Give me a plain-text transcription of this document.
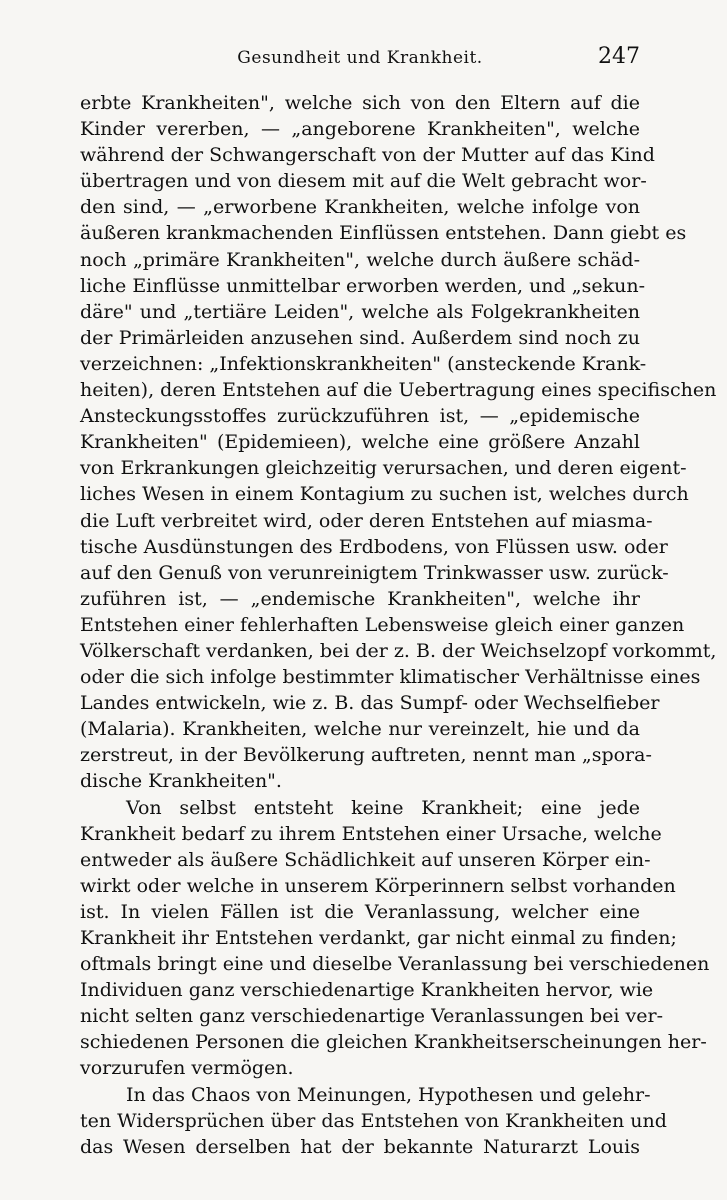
Gesundheit und Krankheit.	247
erbte Krankheiten", welche sich von den Eltern auf die
Kinder vererben, — „angeborene Krankheiten", welche
während der Schwangerschaft von der Mutter auf das Kind
übertragen und von diesem mit auf die Welt gebracht wor-
den sind, — „erworbene Krankheiten, welche infolge von
äußeren krankmachenden Einflüssen entstehen. Dann giebt es
noch „primäre Krankheiten", welche durch äußere schäd-
liche Einflüsse unmittelbar erworben werden, und „sekun-
däre" und „tertiäre Leiden", welche als Folgekrankheiten
der Primärleiden anzusehen sind. Außerdem sind noch zu
verzeichnen: „Infektionskrankheiten" (ansteckende Krank-
heiten), deren Entstehen auf die Uebertragung eines specifischen
Ansteckungsstoffes zurückzuführen ist, — „epidemische
Krankheiten" (Epidemieen), welche eine größere Anzahl
von Erkrankungen gleichzeitig verursachen, und deren eigent-
liches Wesen in einem Kontagium zu suchen ist, welches durch
die Luft verbreitet wird, oder deren Entstehen auf miasma-
tische Ausdünstungen des Erdbodens, von Flüssen usw. oder
auf den Genuß von verunreinigtem Trinkwasser usw. zurück-
zuführen ist, — „endemische Krankheiten", welche ihr
Entstehen einer fehlerhaften Lebensweise gleich einer ganzen
Völkerschaft verdanken, bei der z. B. der Weichselzopf vorkommt,
oder die sich infolge bestimmter klimatischer Verhältnisse eines
Landes entwickeln, wie z. B. das Sumpf- oder Wechselfieber
(Malaria). Krankheiten, welche nur vereinzelt, hie und da
zerstreut, in der Bevölkerung auftreten, nennt man „spora-
dische Krankheiten".
Von selbst entsteht keine Krankheit; eine jede
Krankheit bedarf zu ihrem Entstehen einer Ursache, welche
entweder als äußere Schädlichkeit auf unseren Körper ein-
wirkt oder welche in unserem Körperinnern selbst vorhanden
ist. In vielen Fällen ist die Veranlassung, welcher eine
Krankheit ihr Entstehen verdankt, gar nicht einmal zu finden;
oftmals bringt eine und dieselbe Veranlassung bei verschiedenen
Individuen ganz verschiedenartige Krankheiten hervor, wie
nicht selten ganz verschiedenartige Veranlassungen bei ver-
schiedenen Personen die gleichen Krankheitserscheinungen her-
vorzurufen vermögen.
In das Chaos von Meinungen, Hypothesen und gelehr-
ten Widersprüchen über das Entstehen von Krankheiten und
das Wesen derselben hat der bekannte Naturarzt Louis
